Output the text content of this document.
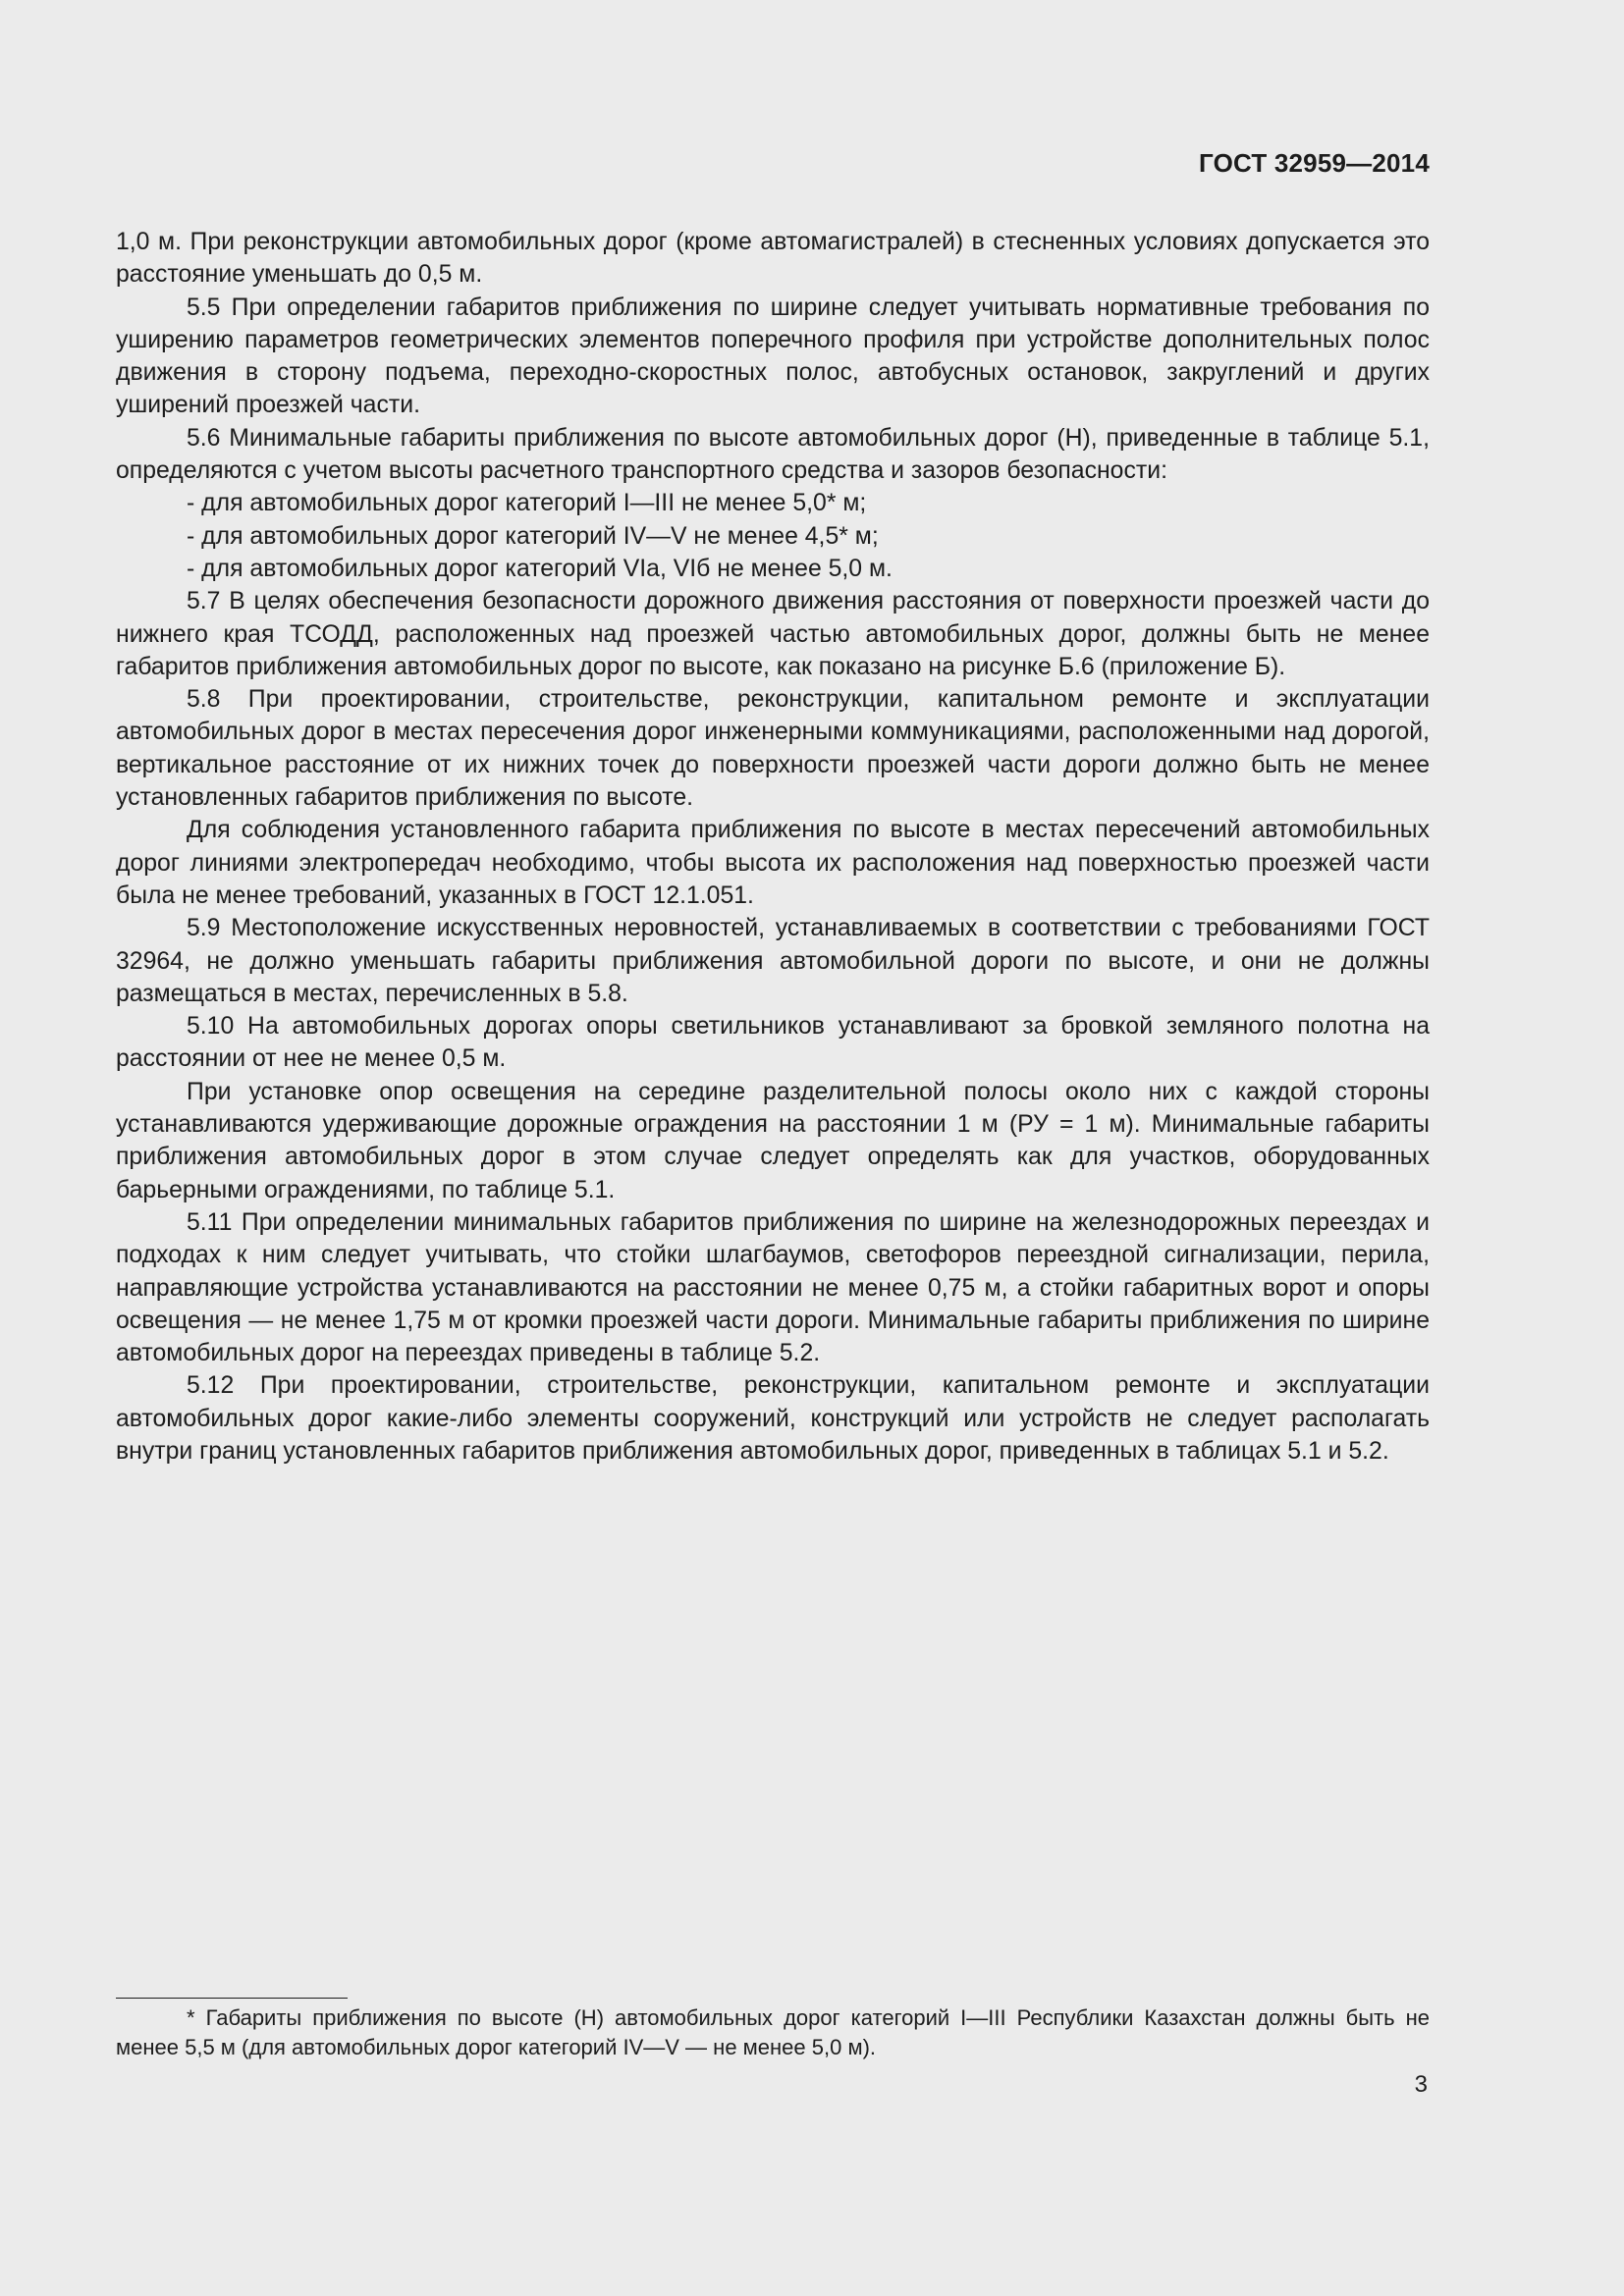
ГОСТ 32959—2014

1,0 м. При реконструкции автомобильных дорог (кроме автомагистралей) в стесненных условиях допускается это расстояние уменьшать до 0,5 м.

5.5 При определении габаритов приближения по ширине следует учитывать нормативные требования по уширению параметров геометрических элементов поперечного профиля при устройстве дополнительных полос движения в сторону подъема, переходно-скоростных полос, автобусных остановок, закруглений и других уширений проезжей части.

5.6 Минимальные габариты приближения по высоте автомобильных дорог (Н), приведенные в таблице 5.1, определяются с учетом высоты расчетного транспортного средства и зазоров безопасности:

- для автомобильных дорог категорий I—III не менее 5,0* м;

- для автомобильных дорог категорий IV—V не менее 4,5* м;

- для автомобильных дорог категорий VIa, VIб не менее 5,0 м.

5.7 В целях обеспечения безопасности дорожного движения расстояния от поверхности проезжей части до нижнего края ТСОДД, расположенных над проезжей частью автомобильных дорог, должны быть не менее габаритов приближения автомобильных дорог по высоте, как показано на рисунке Б.6 (приложение Б).

5.8 При проектировании, строительстве, реконструкции, капитальном ремонте и эксплуатации автомобильных дорог в местах пересечения дорог инженерными коммуникациями, расположенными над дорогой, вертикальное расстояние от их нижних точек до поверхности проезжей части дороги должно быть не менее установленных габаритов приближения по высоте.

Для соблюдения установленного габарита приближения по высоте в местах пересечений автомобильных дорог линиями электропередач необходимо, чтобы высота их расположения над поверхностью проезжей части была не менее требований, указанных в ГОСТ 12.1.051.

5.9 Местоположение искусственных неровностей, устанавливаемых в соответствии с требованиями ГОСТ 32964, не должно уменьшать габариты приближения автомобильной дороги по высоте, и они не должны размещаться в местах, перечисленных в 5.8.

5.10 На автомобильных дорогах опоры светильников устанавливают за бровкой земляного полотна на расстоянии от нее не менее 0,5 м.

При установке опор освещения на середине разделительной полосы около них с каждой стороны устанавливаются удерживающие дорожные ограждения на расстоянии 1 м (РУ = 1 м). Минимальные габариты приближения автомобильных дорог в этом случае следует определять как для участков, оборудованных барьерными ограждениями, по таблице 5.1.

5.11 При определении минимальных габаритов приближения по ширине на железнодорожных переездах и подходах к ним следует учитывать, что стойки шлагбаумов, светофоров переездной сигнализации, перила, направляющие устройства устанавливаются на расстоянии не менее 0,75 м, а стойки габаритных ворот и опоры освещения — не менее 1,75 м от кромки проезжей части дороги. Минимальные габариты приближения по ширине автомобильных дорог на переездах приведены в таблице 5.2.

5.12 При проектировании, строительстве, реконструкции, капитальном ремонте и эксплуатации автомобильных дорог какие-либо элементы сооружений, конструкций или устройств не следует располагать внутри границ установленных габаритов приближения автомобильных дорог, приведенных в таблицах 5.1 и 5.2.

* Габариты приближения по высоте (Н) автомобильных дорог категорий I—III Республики Казахстан должны быть не менее 5,5 м (для автомобильных дорог категорий IV—V — не менее 5,0 м).
3
